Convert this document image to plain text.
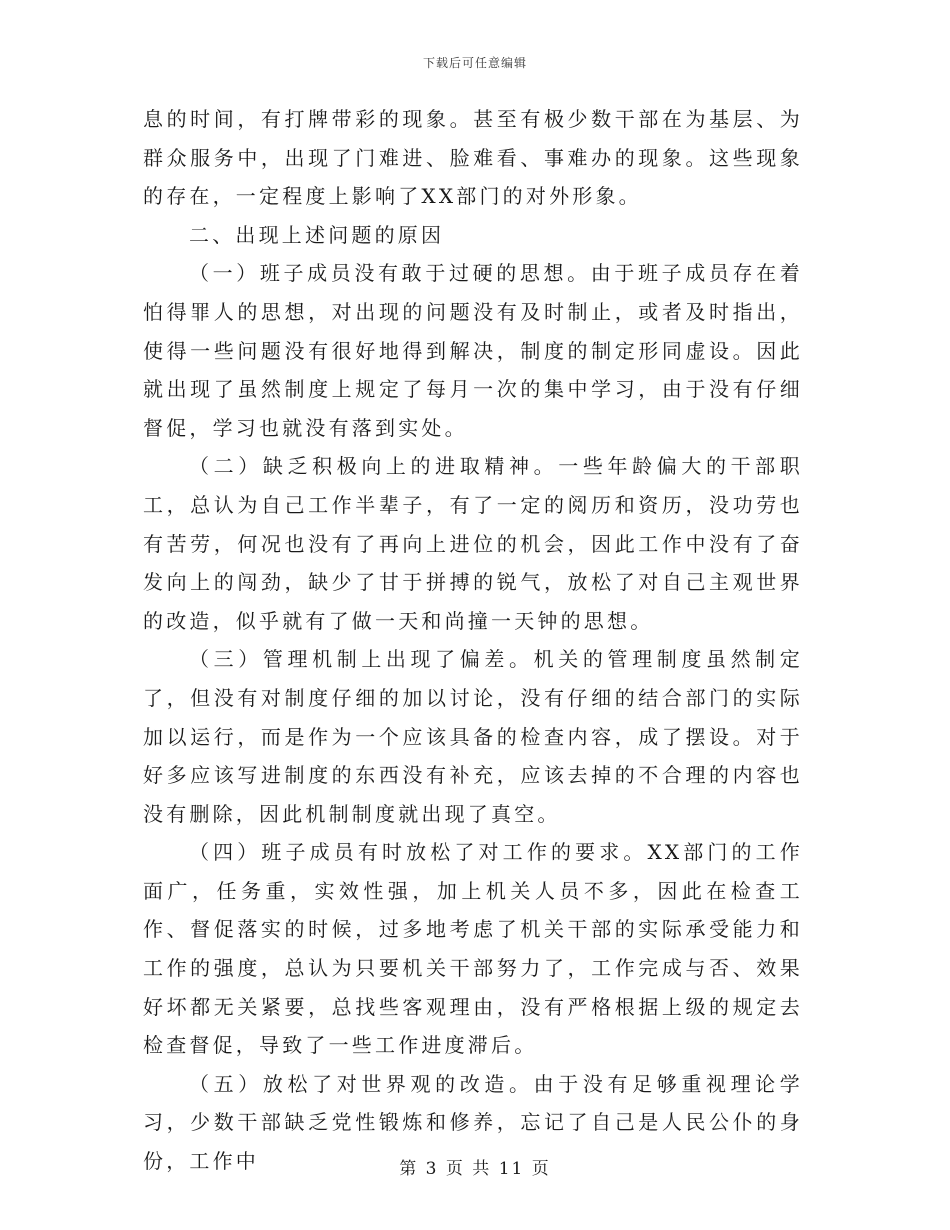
下载后可任意编辑

息的时间，有打牌带彩的现象。甚至有极少数干部在为基层、为群众服务中，出现了门难进、脸难看、事难办的现象。这些现象的存在，一定程度上影响了XX部门的对外形象。

二、出现上述问题的原因

（一）班子成员没有敢于过硬的思想。由于班子成员存在着怕得罪人的思想，对出现的问题没有及时制止，或者及时指出，使得一些问题没有很好地得到解决，制度的制定形同虚设。因此就出现了虽然制度上规定了每月一次的集中学习，由于没有仔细督促，学习也就没有落到实处。

（二）缺乏积极向上的进取精神。一些年龄偏大的干部职工，总认为自己工作半辈子，有了一定的阅历和资历，没功劳也有苦劳，何况也没有了再向上进位的机会，因此工作中没有了奋发向上的闯劲，缺少了甘于拼搏的锐气，放松了对自己主观世界的改造，似乎就有了做一天和尚撞一天钟的思想。

（三）管理机制上出现了偏差。机关的管理制度虽然制定了，但没有对制度仔细的加以讨论，没有仔细的结合部门的实际加以运行，而是作为一个应该具备的检查内容，成了摆设。对于好多应该写进制度的东西没有补充，应该去掉的不合理的内容也没有删除，因此机制制度就出现了真空。

（四）班子成员有时放松了对工作的要求。XX部门的工作面广，任务重，实效性强，加上机关人员不多，因此在检查工作、督促落实的时候，过多地考虑了机关干部的实际承受能力和工作的强度，总认为只要机关干部努力了，工作完成与否、效果好坏都无关紧要，总找些客观理由，没有严格根据上级的规定去检查督促，导致了一些工作进度滞后。

（五）放松了对世界观的改造。由于没有足够重视理论学习，少数干部缺乏党性锻炼和修养，忘记了自己是人民公仆的身份，工作中	第 3 页 共 11 页
